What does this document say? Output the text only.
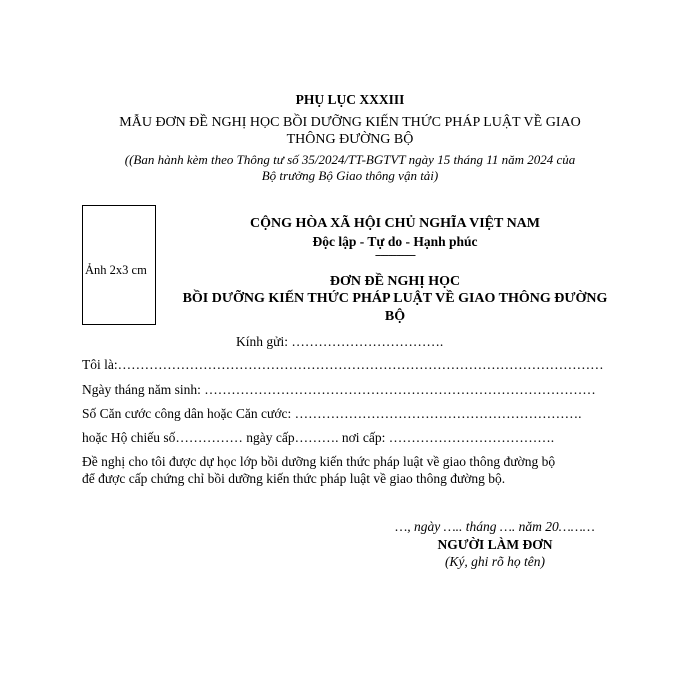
PHỤ LỤC XXXIII
MẪU ĐƠN ĐỀ NGHỊ HỌC BỒI DƯỠNG KIẾN THỨC PHÁP LUẬT VỀ GIAO
THÔNG ĐƯỜNG BỘ
((Ban hành kèm theo Thông tư số 35/2024/TT-BGTVT ngày 15 tháng 11 năm 2024 của
Bộ trưởng Bộ Giao thông vận tải)
Ảnh 2x3 cm
CỘNG HÒA XÃ HỘI CHỦ NGHĨA VIỆT NAM
Độc lập - Tự do - Hạnh phúc
---------------
ĐƠN ĐỀ NGHỊ HỌC
BỒI DƯỠNG KIẾN THỨC PHÁP LUẬT VỀ GIAO THÔNG ĐƯỜNG
BỘ
Kính gửi: …………………………….
Tôi là:………………………………………………………………………………………………
Ngày tháng năm sinh: ……………………………………………………………………………
Số Căn cước công dân hoặc Căn cước: ……………………………………………………….
hoặc Hộ chiếu số…………… ngày cấp………. nơi cấp: ……………………………….
Đề nghị cho tôi được dự học lớp bồi dưỡng kiến thức pháp luật về giao thông đường bộ
để được cấp chứng chỉ bồi dưỡng kiến thức pháp luật về giao thông đường bộ.
…, ngày ….. tháng …. năm 20………
NGƯỜI LÀM ĐƠN
(Ký, ghi rõ họ tên)
